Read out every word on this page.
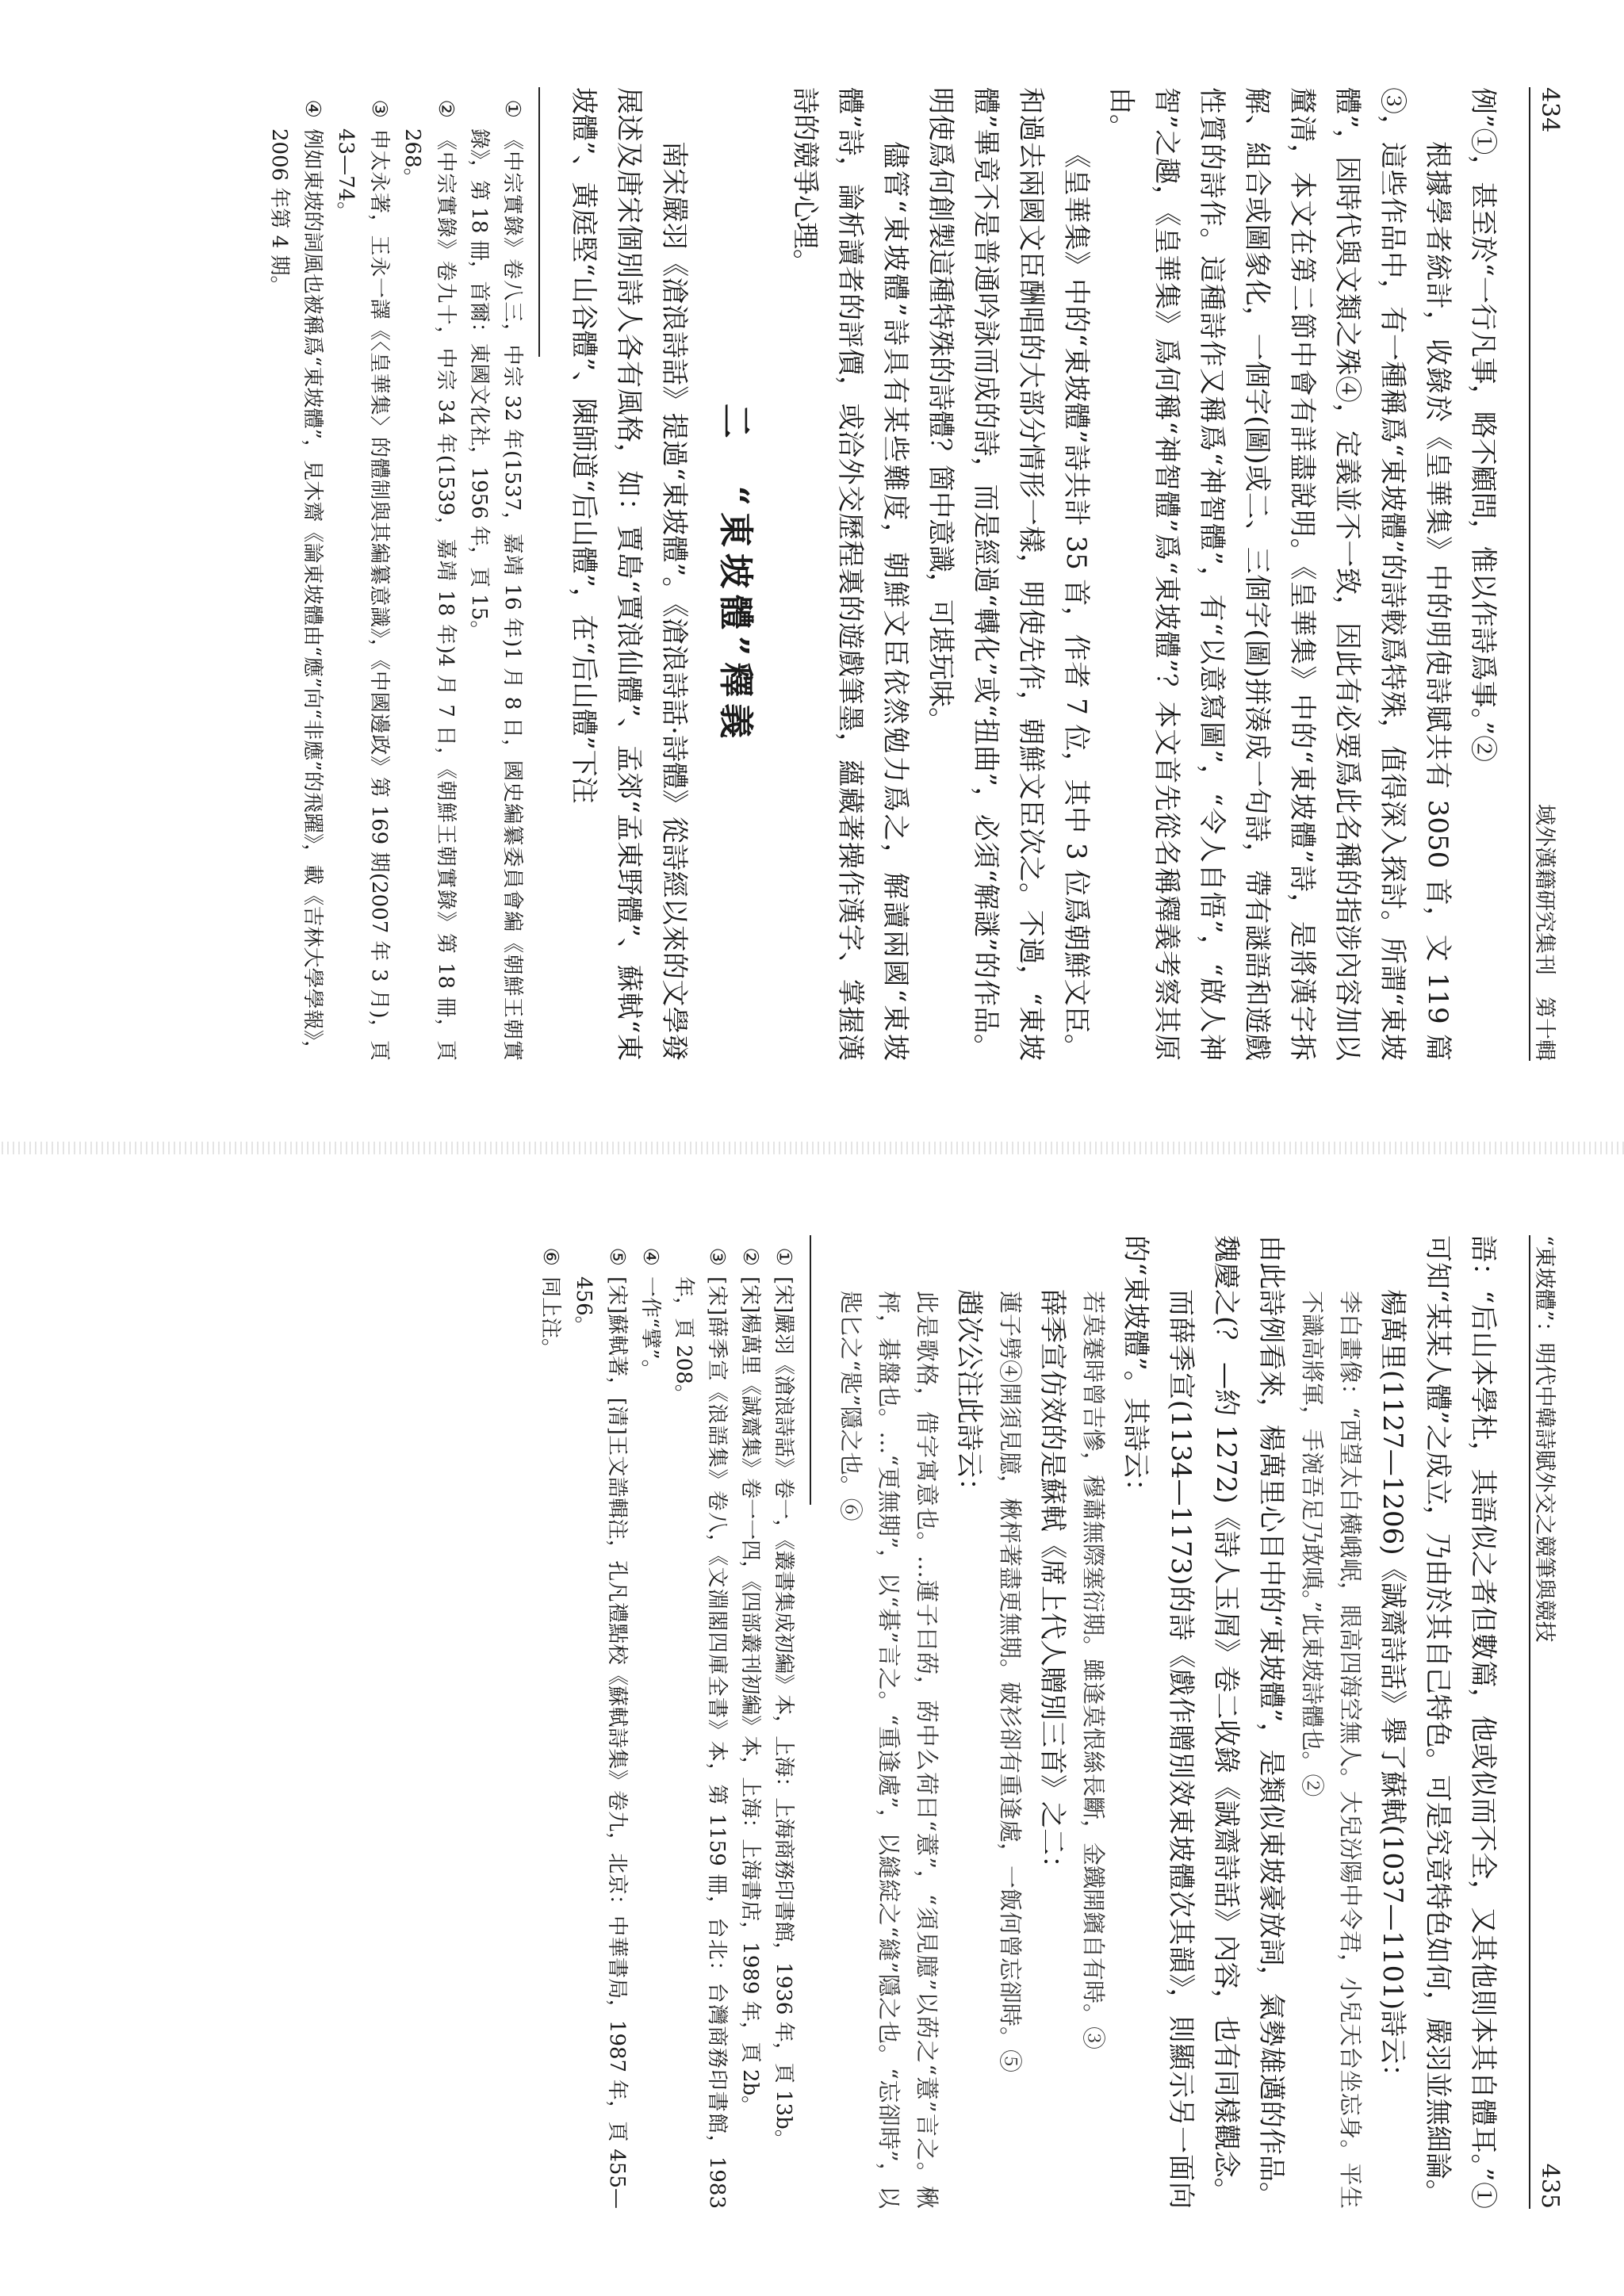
434
域外漢籍研究集刊　第十輯

例”①，甚至於“一行凡事，略不顧問，惟以作詩爲事。”②

根據學者統計，收錄於《皇華集》中的明使詩賦共有 3050 首，文 119 篇③，這些作品中，有一種稱爲“東坡體”的詩較爲特殊，值得深入探討。所謂“東坡體”，因時代與文類之殊④，定義並不一致，因此有必要爲此名稱的指涉內容加以釐清，本文在第二節中會有詳盡說明。《皇華集》中的“東坡體”詩，是將漢字拆解、組合或圖象化，一個字(圖)或二、三個字(圖)拼湊成一句詩，帶有謎語和遊戲性質的詩作。這種詩作又稱爲“神智體”，有“以意寫圖”，“令人自悟”，“啟人神智”之趣，《皇華集》爲何稱“神智體”爲“東坡體”？本文首先從名稱釋義考察其原由。

《皇華集》中的“東坡體”詩共計 35 首，作者 7 位，其中 3 位爲朝鮮文臣。和過去兩國文臣酬唱的大部分情形一樣，明使先作，朝鮮文臣次之。不過，“東坡體”畢竟不是普通吟詠而成的詩，而是經過“轉化”或“扭曲”，必須“解謎”的作品。明使爲何創製這種特殊的詩體？箇中意識，可堪玩味。

儘管“東坡體”詩具有某些難度，朝鮮文臣依然勉力爲之，解讀兩國“東坡體”詩，論析讀者的評價，或洽外交歷程裏的遊戲筆墨，蘊藏著操作漢字、掌握漢詩的競爭心理。

二　“東坡體”釋義

南宋嚴羽《滄浪詩話》提過“東坡體”。《滄浪詩話·詩體》從詩經以來的文學發展述及唐宋個別詩人各有風格，如：賈島“賈浪仙體”、孟郊“孟東野體”、蘇軾“東坡體”、黃庭堅“山谷體”、陳師道“后山體”，在“后山體”下注

①《中宗實錄》卷八三，中宗 32 年(1537，嘉靖 16 年)1 月 8 日，國史編纂委員會編《朝鮮王朝實錄》，第 18 冊，首爾：東國文化社，1956 年，頁 15。

②《中宗實錄》卷九十，中宗 34 年(1539，嘉靖 18 年)4 月 7 日，《朝鮮王朝實錄》第 18 冊，頁 268。

③申太永著，王永一譯《〈皇華集〉的體制與其編纂意識》，《中國邊政》第 169 期(2007 年 3 月)，頁 43—74。

④例如東坡的詞風也被稱爲“東坡體”，見木齋《論東坡體由“應”向“非應”的飛躍》，載《吉林大學學報》，2006 年第 4 期。

“東坡體”：明代中韓詩賦外交之競筆與競技
435

語：“后山本學杜，其語似之者但數篇，他或似而不全，又其他則本其自體耳。”①可知“某某人體”之成立，乃由於其自己特色。可是究竟特色如何，嚴羽並無細論。

楊萬里(1127—1206)《誠齋詩話》舉了蘇軾(1037—1101)詩云：

李白畫像：“西望太白橫峨岷，眼高四海空無人。大兒汾陽中令君，小兒天台坐忘身。平生不識高將軍，手涴吾足乃敢嗔。”此東坡詩體也。②

由此詩例看來，楊萬里心目中的“東坡體”，是類似東坡豪放詞，氣勢雄邁的作品。魏慶之(？ —約 1272)《詩人玉屑》卷二收錄《誠齋詩話》內容，也有同樣觀念。

而薛季宣(1134—1173)的詩《戲作贈別效東坡體次其韻》，則顯示另一面向的“東坡體”。其詩云：

若莫蹇時曾吉慘，穆蕭無際塞衍期。雖逢莫恨絲長斷，金鐵開鑌自有時。③

薛季宣仿效的是蘇軾《席上代人贈別三首》之二：

蓮子劈④開須見臆，楸枰著盡更無期。破衫卻有重逢處，一飯何曾忘卻時。⑤

趙次公注此詩云：

此是歌格，借字寓意也。…蓮子曰菂，菂中么荷曰“薏”，“須見臆”以菂之“薏”言之。楸枰，碁盤也。…“更無期”，以“碁”言之。“重逢處”，以縫綻之“縫”隱之也。“忘卻時”，以匙匕之“匙”隱之也。⑥

①[宋]嚴羽《滄浪詩話》卷一，《叢書集成初編》本，上海：上海商務印書館，1936 年，頁 13b。

②[宋]楊萬里《誠齋集》卷一一四，《四部叢刊初編》本，上海：上海書店，1989 年，頁 2b。

③[宋]薛季宣《浪語集》卷八，《文淵閣四庫全書》本，第 1159 冊，台北：台灣商務印書館，1983 年，頁 208。

④一作“擘”。

⑤[宋]蘇軾著，[清]王文誥輯注，孔凡禮點校《蘇軾詩集》卷九，北京：中華書局，1987 年，頁 455—456。

⑥同上注。
